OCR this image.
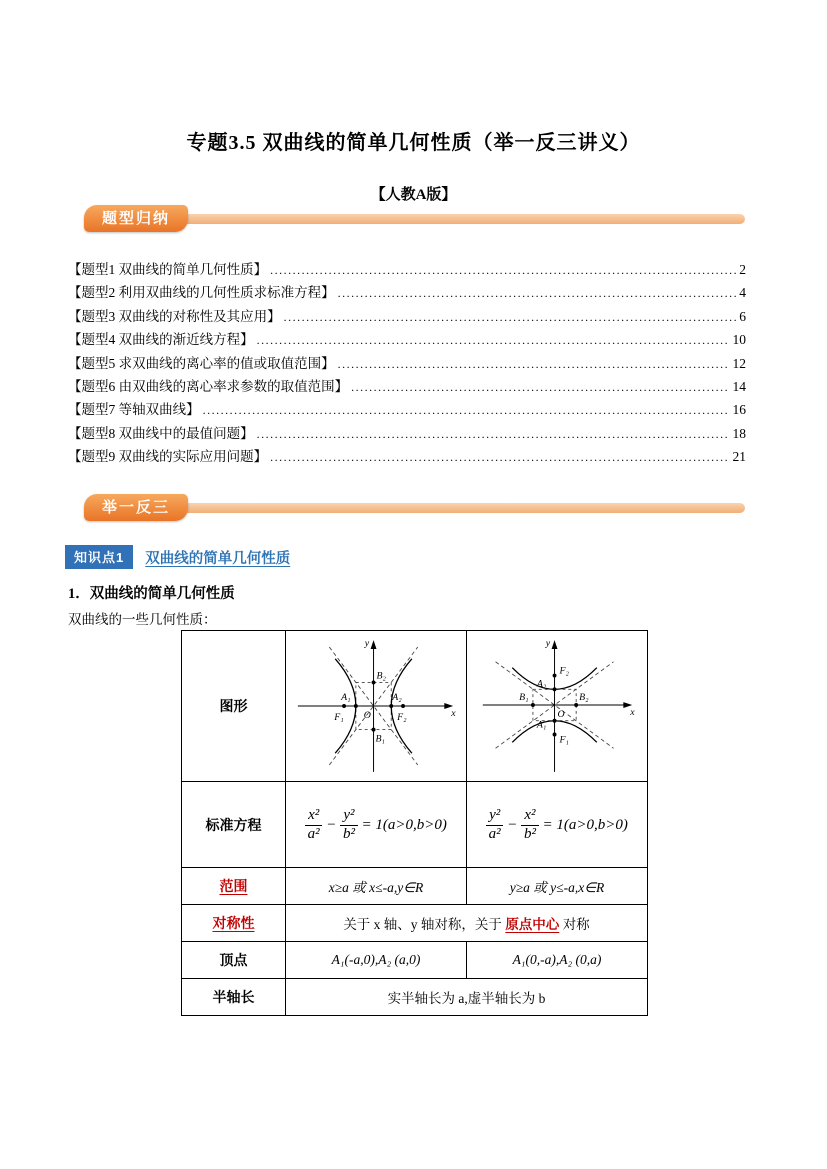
专题3.5 双曲线的简单几何性质（举一反三讲义）
【人教A版】
题型归纳
【题型1 双曲线的简单几何性质】 .....	2
【题型2 利用双曲线的几何性质求标准方程】 .....	4
【题型3 双曲线的对称性及其应用】 .....	6
【题型4 双曲线的渐近线方程】 .....	10
【题型5 求双曲线的离心率的值或取值范围】 .....	12
【题型6 由双曲线的离心率求参数的取值范围】 .....	14
【题型7 等轴双曲线】 .....	16
【题型8 双曲线中的最值问题】 .....	18
【题型9 双曲线的实际应用问题】 .....	21
举一反三
知识点1	双曲线的简单几何性质
1．双曲线的简单几何性质
双曲线的一些几何性质：
图形	
y
x
B₂
B₁
A₁	A₂
F₁	F₂
O

y
x
F₂
A₂
B₁	B₂
O
A₁
F₁

标准方程	$\frac{\text{x²}}{\text{a²}} - \frac{\text{y²}}{\text{b²}} = 1(a>0,b>0)$	$\frac{\text{y²}}{\text{a²}} - \frac{\text{x²}}{\text{b²}} = 1(a>0,b>0)$

范围	x≥a 或 x≤-a,y∈R	y≥a 或 y≤-a,x∈R
对称性	关于 x 轴、y 轴对称，关于 原点中心 对称	
顶点	A₁(-a,0),A₂ (a,0)	A₁(0,-a),A₂ (0,a)
半轴长	实半轴长为 a,虚半轴长为 b	
